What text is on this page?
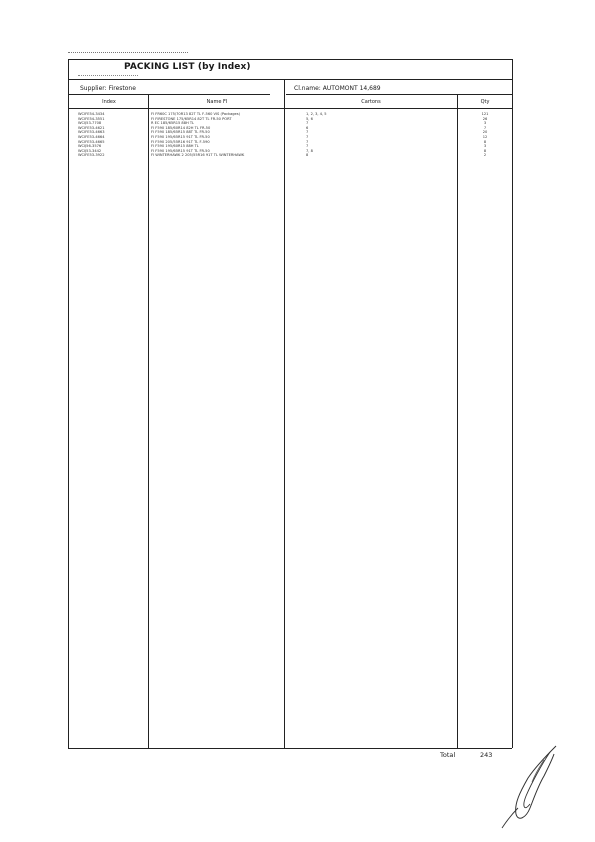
PACKING LIST (by Index)
Supplier: Firestone	Cl.name: AUTOMONT 14,689
Index	Name FI	Cartons	Qty
WCIFE54-3434	FI FR60C 175/70R13 82T TL F-560 VIS (Packages)	1, 2, 3, 4, 5	121
WCIFE54-3551	FI FIRESTONE 175/65R14 82T TL FR-50 PORT	5, 6	26
WCIJ53-7708	R EC 185/65R15 88H TL	7	3
WCIFE53-4621	FI F590 185/60R14 82H TL FR-50	6	7
WCIFE53-4663	FI F590 185/65R15 88T TL FR-50	7	20
WCIFE53-4664	FI F590 195/65R15 91T TL FR-50	7	12
WCIFE53-4665	FI F590 205/55R16 91T TL F-590	7	8
WCIJ56-3576	FI F590 195/60R15 88H TL	7	3
WCIJ53-3442	FI F590 195/65R15 91T TL FR-50	7, 8	8
WCIFE53-3922	FI WINTERHAWK 2 205/55R16 91T TL WINTERHAWK	8	2
Total	243
